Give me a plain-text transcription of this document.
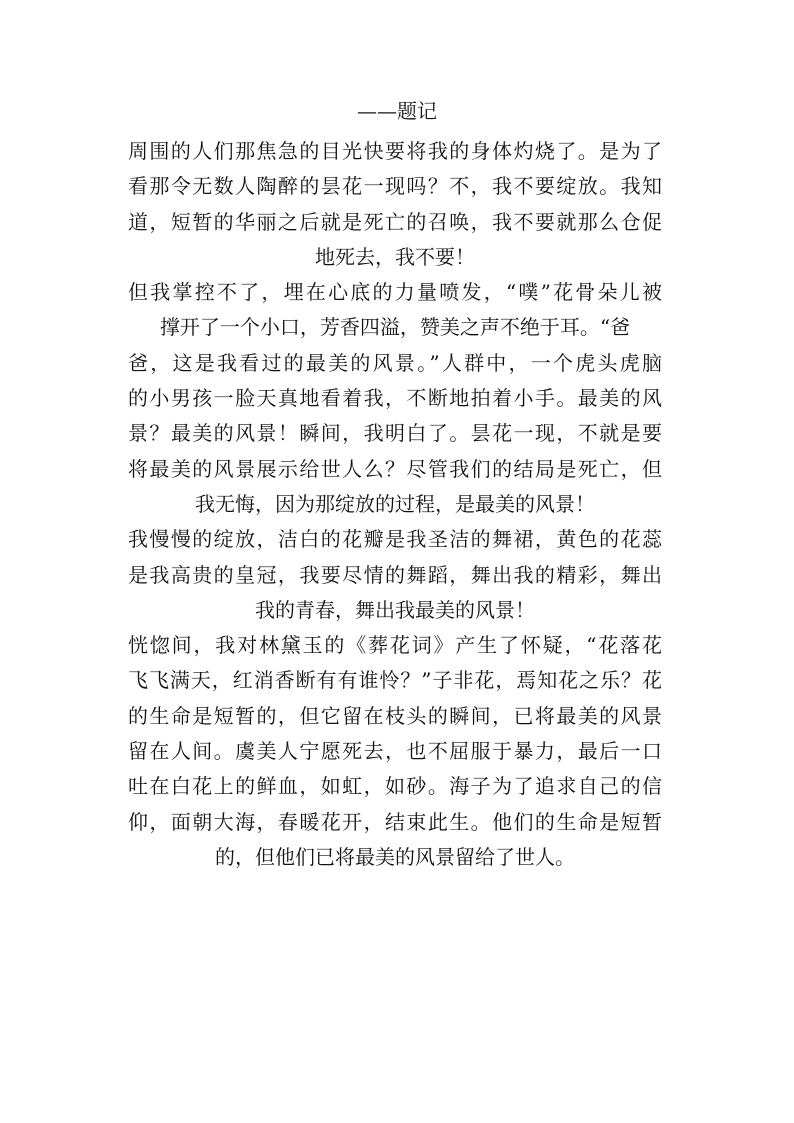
——题记
周围的人们那焦急的目光快要将我的身体灼烧了。是为了
看那令无数人陶醉的昙花一现吗？不，我不要绽放。我知
道，短暂的华丽之后就是死亡的召唤，我不要就那么仓促
地死去，我不要！
但我掌控不了，埋在心底的力量喷发，“噗”花骨朵儿被
撑开了一个小口，芳香四溢，赞美之声不绝于耳。“爸
爸，这是我看过的最美的风景。”人群中，一个虎头虎脑
的小男孩一脸天真地看着我，不断地拍着小手。最美的风
景？最美的风景！瞬间，我明白了。昙花一现，不就是要
将最美的风景展示给世人么？尽管我们的结局是死亡，但
我无悔，因为那绽放的过程，是最美的风景！
我慢慢的绽放，洁白的花瓣是我圣洁的舞裙，黄色的花蕊
是我高贵的皇冠，我要尽情的舞蹈，舞出我的精彩，舞出
我的青春，舞出我最美的风景！
恍惚间，我对林黛玉的《葬花词》产生了怀疑，“花落花
飞飞满天，红消香断有有谁怜？”子非花，焉知花之乐？花
的生命是短暂的，但它留在枝头的瞬间，已将最美的风景
留在人间。虞美人宁愿死去，也不屈服于暴力，最后一口
吐在白花上的鲜血，如虹，如砂。海子为了追求自己的信
仰，面朝大海，春暖花开，结束此生。他们的生命是短暂
的，但他们已将最美的风景留给了世人。
